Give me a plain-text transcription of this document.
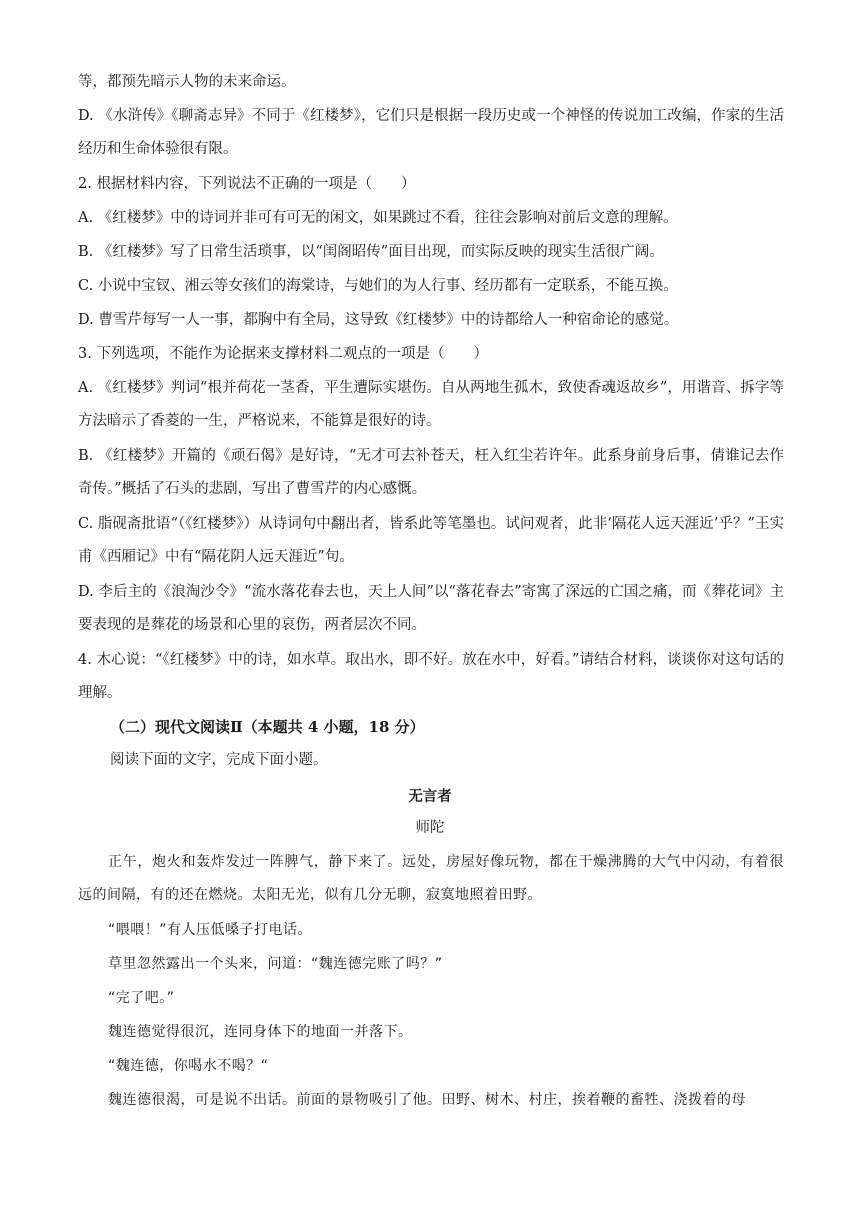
等，都预先暗示人物的未来命运。

D. 《水浒传》《聊斋志异》不同于《红楼梦》，它们只是根据一段历史或一个神怪的传说加工改编，作家的生活经历和生命体验很有限。

2. 根据材料内容，下列说法不正确的一项是（　　）

A. 《红楼梦》中的诗词并非可有可无的闲文，如果跳过不看，往往会影响对前后文意的理解。

B. 《红楼梦》写了日常生活琐事，以“闺阁昭传”面目出现，而实际反映的现实生活很广阔。

C. 小说中宝钗、湘云等女孩们的海棠诗，与她们的为人行事、经历都有一定联系，不能互换。

D. 曹雪芹每写一人一事，都胸中有全局，这导致《红楼梦》中的诗都给人一种宿命论的感觉。

3. 下列选项，不能作为论据来支撑材料二观点的一项是（　　）

A. 《红楼梦》判词“根并荷花一茎香，平生遭际实堪伤。自从两地生孤木，致使香魂返故乡”，用谐音、拆字等方法暗示了香菱的一生，严格说来，不能算是很好的诗。

B. 《红楼梦》开篇的《顽石偈》是好诗，“无才可去补苍天，枉入红尘若许年。此系身前身后事，倩谁记去作奇传。”概括了石头的悲剧，写出了曹雪芹的内心感慨。

C. 脂砚斋批语“（《红楼梦》）从诗词句中翻出者，皆系此等笔墨也。试问观者，此非‘隔花人远天涯近’乎？”王实甫《西厢记》中有“隔花阴人远天涯近”句。

D. 李后主的《浪淘沙令》“流水落花春去也，天上人间”以“落花春去”寄寓了深远的亡国之痛，而《葬花词》主要表现的是葬花的场景和心里的哀伤，两者层次不同。

4. 木心说：“《红楼梦》中的诗，如水草。取出水，即不好。放在水中，好看。”请结合材料，谈谈你对这句话的理解。

（二）现代文阅读Ⅱ（本题共 4 小题，18 分）

阅读下面的文字，完成下面小题。

无言者

师陀

正午，炮火和轰炸发过一阵脾气，静下来了。远处，房屋好像玩物，都在干燥沸腾的大气中闪动，有着很远的间隔，有的还在燃烧。太阳无光，似有几分无聊，寂寞地照着田野。

“喂喂！”有人压低嗓子打电话。

草里忽然露出一个头来，问道：“魏连德完账了吗？”

“完了吧。”

魏连德觉得很沉，连同身体下的地面一并落下。

“魏连德，你喝水不喝？“

魏连德很渴，可是说不出话。前面的景物吸引了他。田野、树木、村庄，挨着鞭的畜牲、浇拨着的母
